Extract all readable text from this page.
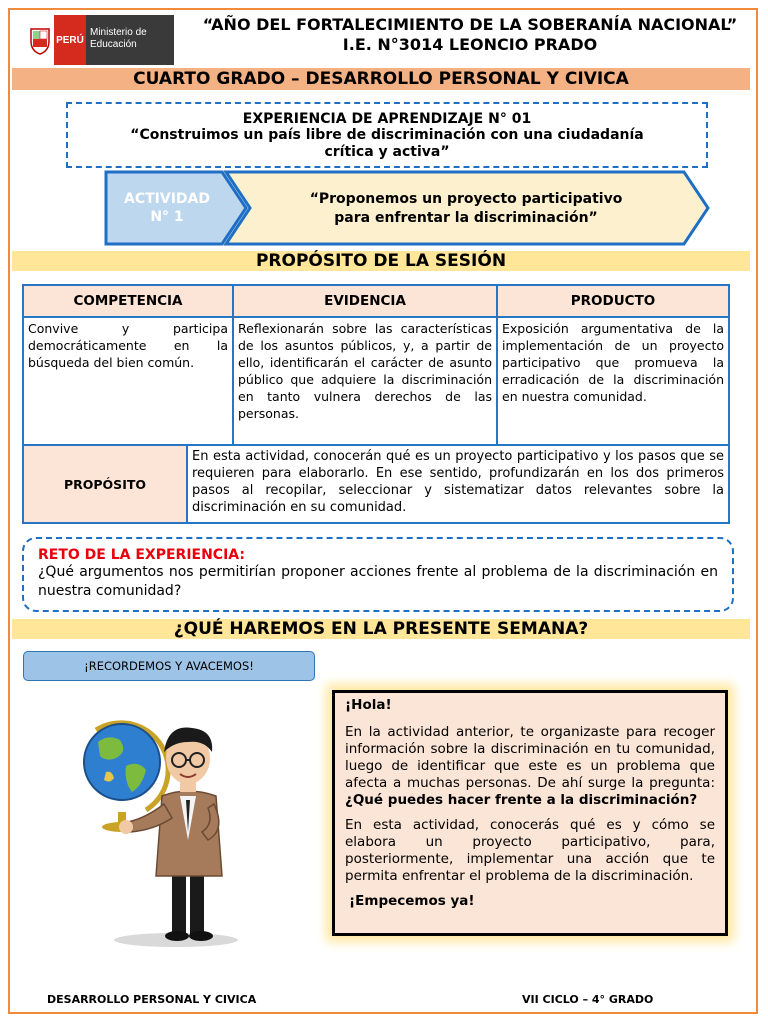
PERÚ
Ministerio de Educación
“AÑO DEL FORTALECIMIENTO DE LA SOBERANÍA NACIONAL”
I.E. N°3014 LEONCIO PRADO
CUARTO GRADO – DESARROLLO PERSONAL Y CIVICA
EXPERIENCIA DE APRENDIZAJE N° 01
“Construimos un país libre de discriminación con una ciudadanía
crítica y activa”
ACTIVIDAD
N° 1
“Proponemos un proyecto participativo
para enfrentar la discriminación”
PROPÓSITO DE LA SESIÓN
COMPETENCIA	EVIDENCIA	PRODUCTO
Convive y participa democráticamente en la búsqueda del bien común.	Reflexionarán sobre las características de los asuntos públicos, y, a partir de ello, identificarán el carácter de asunto público que adquiere la discriminación en tanto vulnera derechos de las personas.	Exposición argumentativa de la implementación de un proyecto participativo que promueva la erradicación de la discriminación en nuestra comunidad.
PROPÓSITO	En esta actividad, conocerán qué es un proyecto participativo y los pasos que se requieren para elaborarlo. En ese sentido, profundizarán en los dos primeros pasos al recopilar, seleccionar y sistematizar datos relevantes sobre la discriminación en su comunidad.
RETO DE LA EXPERIENCIA:
¿Qué argumentos nos permitirían proponer acciones frente al problema de la discriminación en nuestra comunidad?
¿QUÉ HAREMOS EN LA PRESENTE SEMANA?
¡RECORDEMOS Y AVACEMOS!

¡Hola!

En la actividad anterior, te organizaste para recoger información sobre la discriminación en tu comunidad, luego de identificar que este es un problema que afecta a muchas personas. De ahí surge la pregunta: ¿Qué puedes hacer frente a la discriminación?

En esta actividad, conocerás qué es y cómo se elabora un proyecto participativo, para, posteriormente, implementar una acción que te permita enfrentar el problema de la discriminación.

¡Empecemos ya!

DESARROLLO PERSONAL Y CIVICA	VII CICLO – 4° GRADO
